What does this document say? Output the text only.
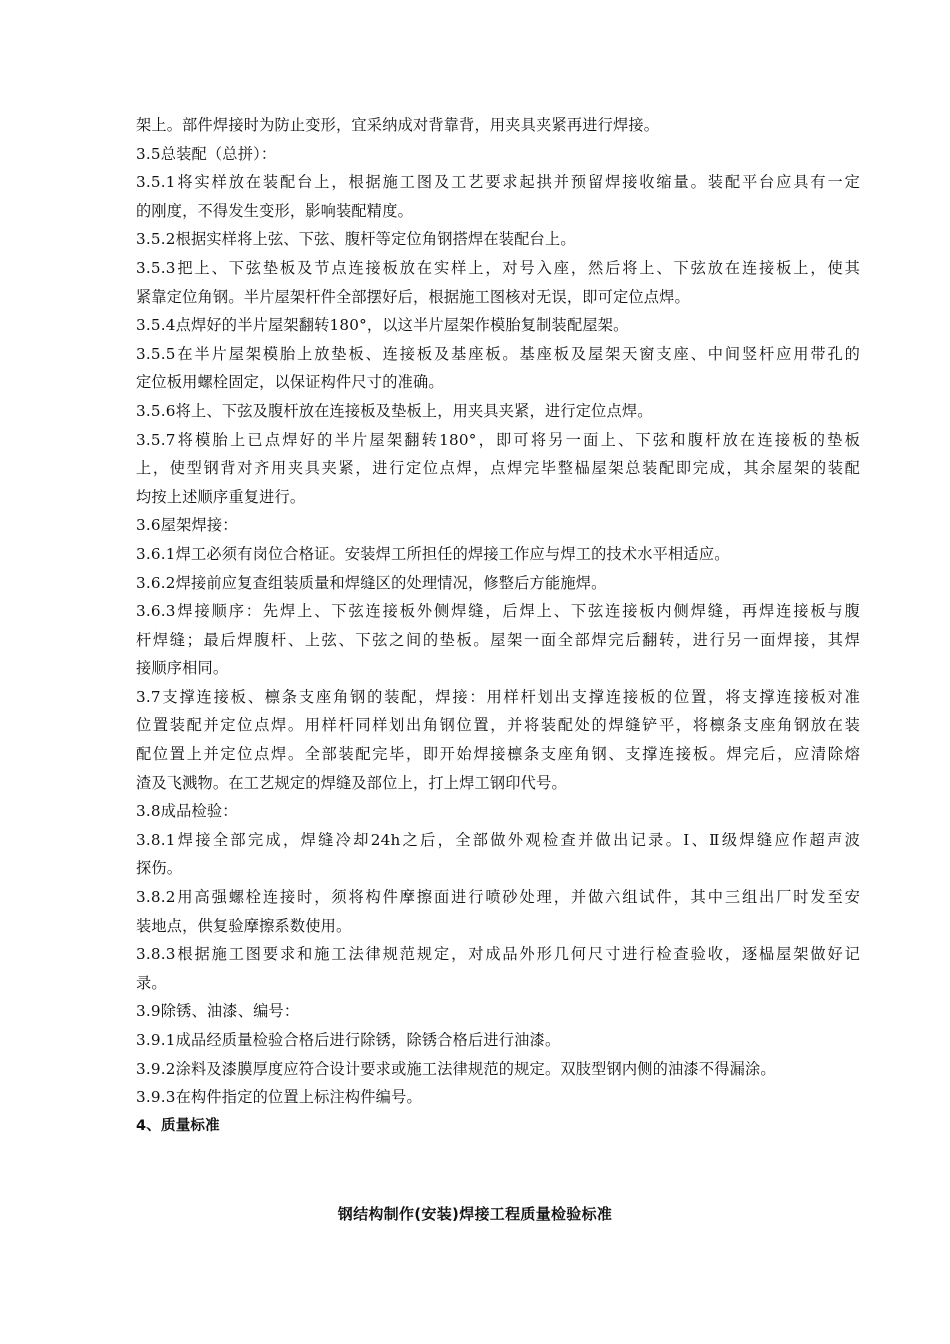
架上。部件焊接时为防止变形，宜采纳成对背靠背，用夹具夹紧再进行焊接。
3.5总装配（总拼）：
3.5.1将实样放在装配台上，根据施工图及工艺要求起拱并预留焊接收缩量。装配平台应具有一定
的刚度，不得发生变形，影响装配精度。
3.5.2根据实样将上弦、下弦、腹杆等定位角钢搭焊在装配台上。
3.5.3把上、下弦垫板及节点连接板放在实样上，对号入座，然后将上、下弦放在连接板上，使其
紧靠定位角钢。半片屋架杆件全部摆好后，根据施工图核对无误，即可定位点焊。
3.5.4点焊好的半片屋架翻转180°，以这半片屋架作模胎复制装配屋架。
3.5.5在半片屋架模胎上放垫板、连接板及基座板。基座板及屋架天窗支座、中间竖杆应用带孔的
定位板用螺栓固定，以保证构件尺寸的准确。
3.5.6将上、下弦及腹杆放在连接板及垫板上，用夹具夹紧，进行定位点焊。
3.5.7将模胎上已点焊好的半片屋架翻转180°，即可将另一面上、下弦和腹杆放在连接板的垫板
上，使型钢背对齐用夹具夹紧，进行定位点焊，点焊完毕整榀屋架总装配即完成，其余屋架的装配
均按上述顺序重复进行。
3.6屋架焊接：
3.6.1焊工必须有岗位合格证。安装焊工所担任的焊接工作应与焊工的技术水平相适应。
3.6.2焊接前应复查组装质量和焊缝区的处理情况，修整后方能施焊。
3.6.3焊接顺序：先焊上、下弦连接板外侧焊缝，后焊上、下弦连接板内侧焊缝，再焊连接板与腹
杆焊缝；最后焊腹杆、上弦、下弦之间的垫板。屋架一面全部焊完后翻转，进行另一面焊接，其焊
接顺序相同。
3.7支撑连接板、檩条支座角钢的装配，焊接：用样杆划出支撑连接板的位置，将支撑连接板对准
位置装配并定位点焊。用样杆同样划出角钢位置，并将装配处的焊缝铲平，将檩条支座角钢放在装
配位置上并定位点焊。全部装配完毕，即开始焊接檩条支座角钢、支撑连接板。焊完后，应清除熔
渣及飞溅物。在工艺规定的焊缝及部位上，打上焊工钢印代号。
3.8成品检验：
3.8.1焊接全部完成，焊缝冷却24h之后，全部做外观检查并做出记录。Ⅰ、Ⅱ级焊缝应作超声波
探伤。
3.8.2用高强螺栓连接时，须将构件摩擦面进行喷砂处理，并做六组试件，其中三组出厂时发至安
装地点，供复验摩擦系数使用。
3.8.3根据施工图要求和施工法律规范规定，对成品外形几何尺寸进行检查验收，逐榀屋架做好记
录。
3.9除锈、油漆、编号：
3.9.1成品经质量检验合格后进行除锈，除锈合格后进行油漆。
3.9.2涂料及漆膜厚度应符合设计要求或施工法律规范的规定。双肢型钢内侧的油漆不得漏涂。
3.9.3在构件指定的位置上标注构件编号。
4、质量标准
钢结构制作(安装)焊接工程质量检验标准
